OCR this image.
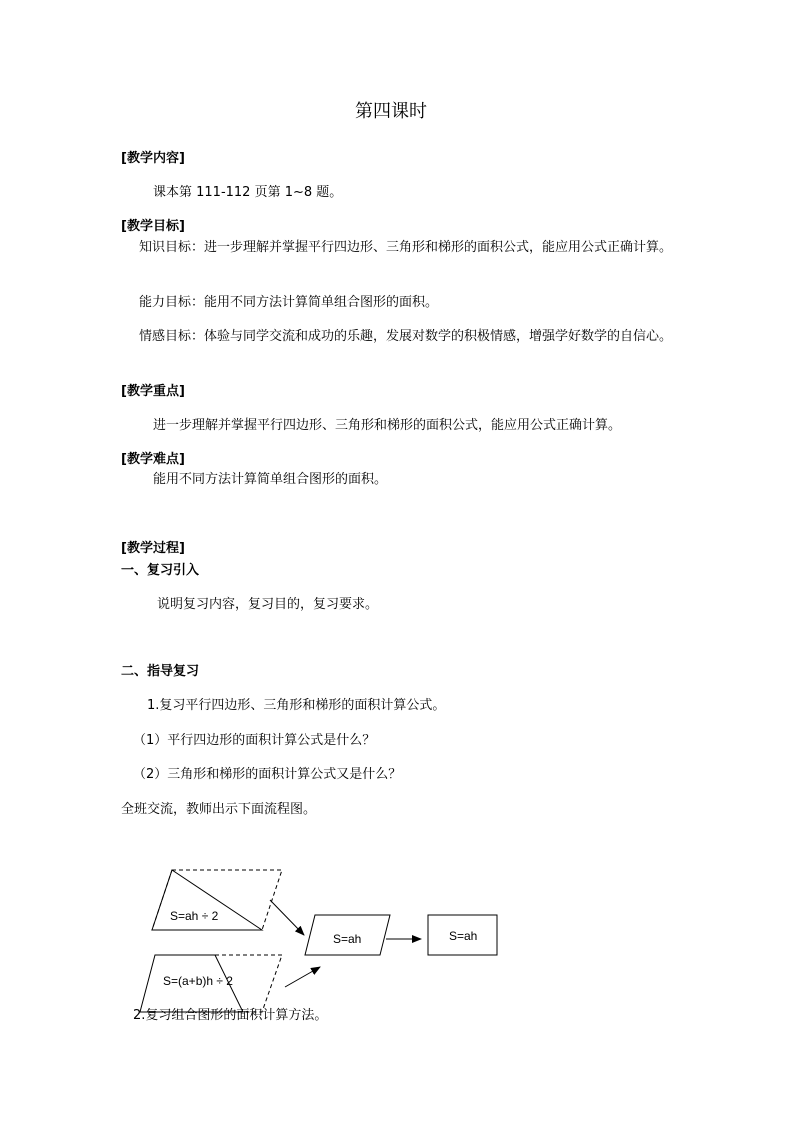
第四课时
[教学内容]
课本第 111-112 页第 1~8 题。
[教学目标]
知识目标：进一步理解并掌握平行四边形、三角形和梯形的面积公式，能应用公式正确计算。
能力目标：能用不同方法计算简单组合图形的面积。
情感目标：体验与同学交流和成功的乐趣，发展对数学的积极情感，增强学好数学的自信心。
[教学重点]
进一步理解并掌握平行四边形、三角形和梯形的面积公式，能应用公式正确计算。
[教学难点]
能用不同方法计算简单组合图形的面积。
[教学过程]
一、复习引入
说明复习内容，复习目的，复习要求。
二、指导复习
1.复习平行四边形、三角形和梯形的面积计算公式。
（1）平行四边形的面积计算公式是什么？
（2）三角形和梯形的面积计算公式又是什么？
全班交流，教师出示下面流程图。
S=ah ÷ 2
S=ah	S=ah
S=(a+b)h ÷ 2
2.复习组合图形的面积计算方法。
